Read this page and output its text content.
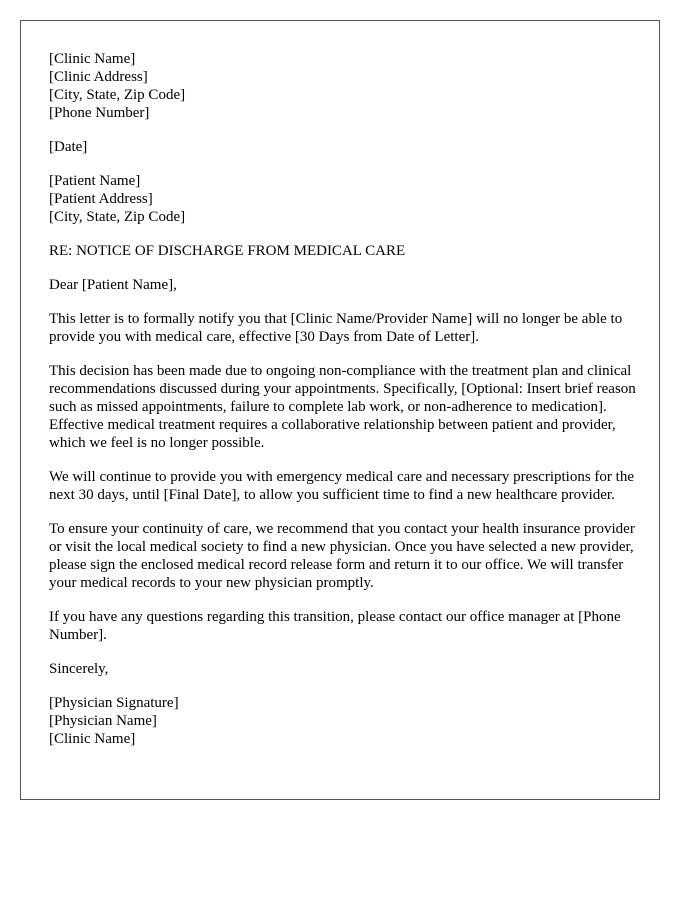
[Clinic Name]
[Clinic Address]
[City, State, Zip Code]
[Phone Number]
[Date]
[Patient Name]
[Patient Address]
[City, State, Zip Code]

RE: NOTICE OF DISCHARGE FROM MEDICAL CARE

Dear [Patient Name],

This letter is to formally notify you that [Clinic Name/Provider Name] will no longer be able to provide you with medical care, effective [30 Days from Date of Letter].

This decision has been made due to ongoing non-compliance with the treatment plan and clinical recommendations discussed during your appointments. Specifically, [Optional: Insert brief reason such as missed appointments, failure to complete lab work, or non-adherence to medication]. Effective medical treatment requires a collaborative relationship between patient and provider, which we feel is no longer possible.

We will continue to provide you with emergency medical care and necessary prescriptions for the next 30 days, until [Final Date], to allow you sufficient time to find a new healthcare provider.

To ensure your continuity of care, we recommend that you contact your health insurance provider or visit the local medical society to find a new physician. Once you have selected a new provider, please sign the enclosed medical record release form and return it to our office. We will transfer your medical records to your new physician promptly.

If you have any questions regarding this transition, please contact our office manager at [Phone Number].

Sincerely,

[Physician Signature]
[Physician Name]
[Clinic Name]
